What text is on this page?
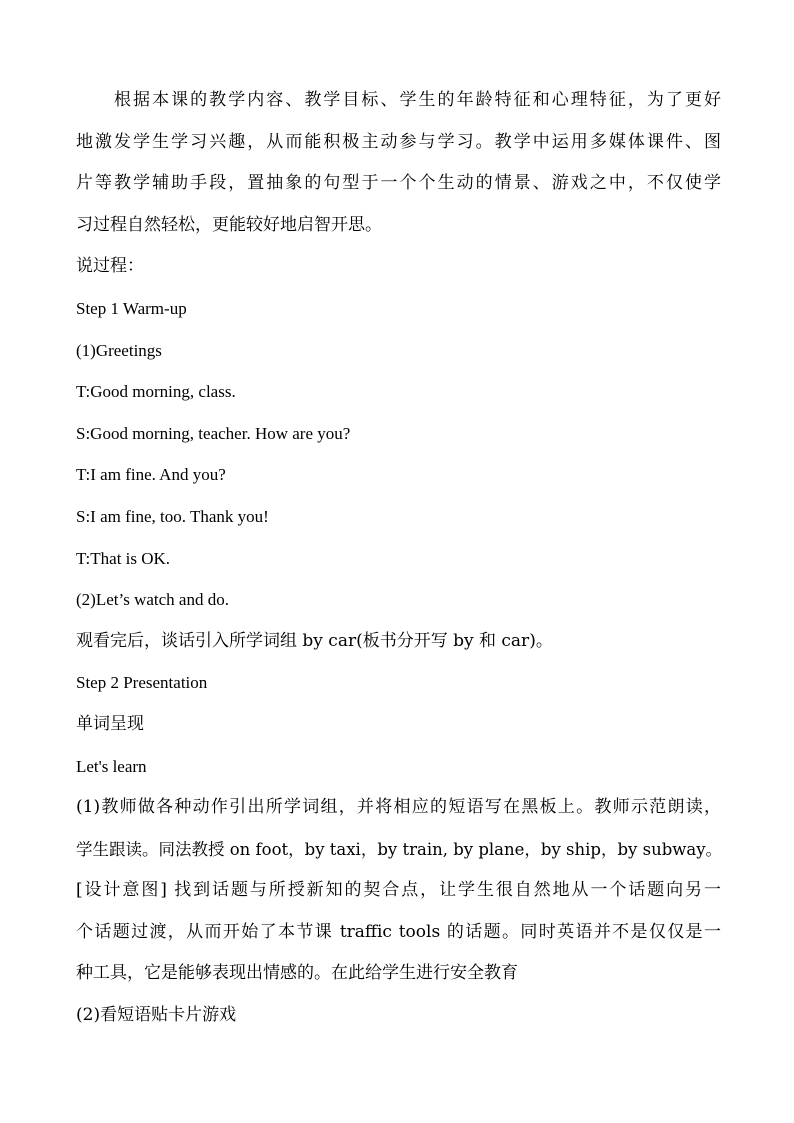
根据本课的教学内容、教学目标、学生的年龄特征和心理特征，为了更好
地激发学生学习兴趣，从而能积极主动参与学习。教学中运用多媒体课件、图
片等教学辅助手段，置抽象的句型于一个个生动的情景、游戏之中，不仅使学
习过程自然轻松，更能较好地启智开思。
说过程：
Step 1 Warm-up
(1)Greetings
T:Good morning, class.
S:Good morning, teacher. How are you?
T:I am fine. And you?
S:I am fine, too. Thank you!
T:That is OK.
(2)Let’s watch and do.
观看完后，谈话引入所学词组 by car(板书分开写 by 和 car)。
Step 2 Presentation
单词呈现
Let's learn
(1)教师做各种动作引出所学词组，并将相应的短语写在黑板上。教师示范朗读，
学生跟读。同法教授 on foot，by taxi，by train, by plane，by ship，by subway。
[设计意图] 找到话题与所授新知的契合点，让学生很自然地从一个话题向另一
个话题过渡，从而开始了本节课 traffic tools 的话题。同时英语并不是仅仅是一
种工具，它是能够表现出情感的。在此给学生进行安全教育
(2)看短语贴卡片游戏
